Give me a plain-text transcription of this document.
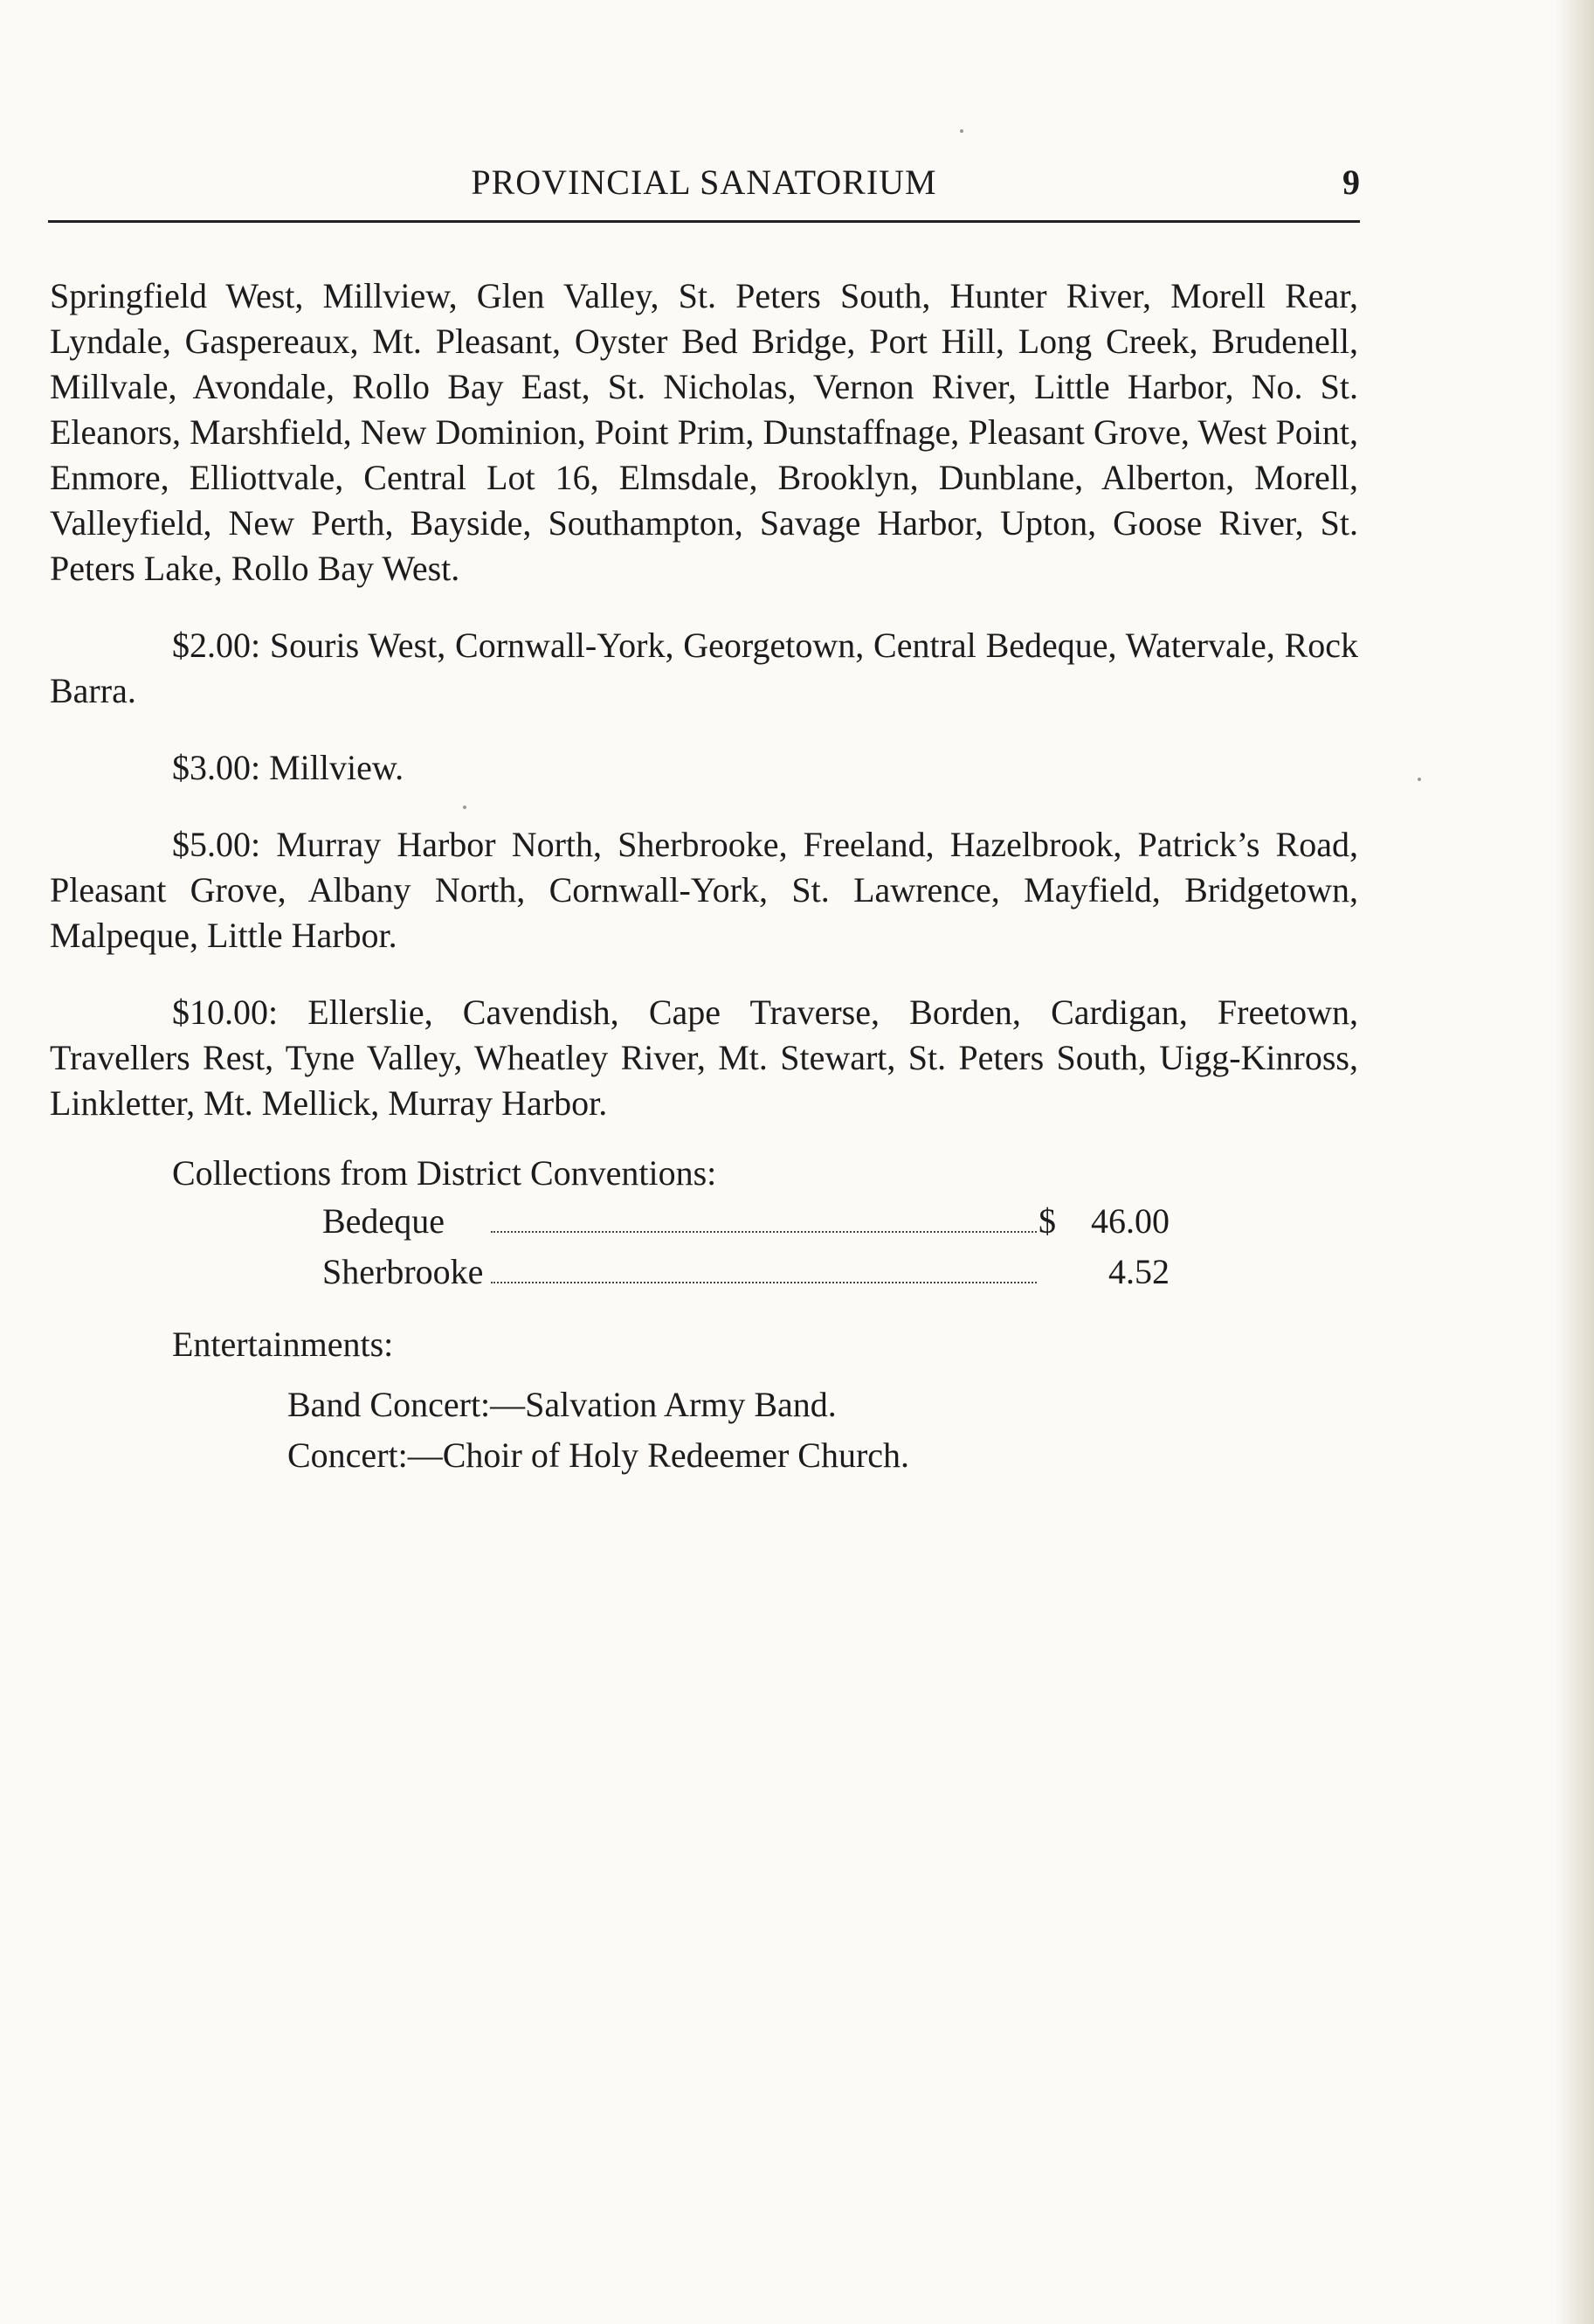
PROVINCIAL SANATORIUM	9

Springfield West, Millview, Glen Valley, St. Peters South, Hunter River, Morell Rear, Lyndale, Gaspereaux, Mt. Pleasant, Oyster Bed Bridge, Port Hill, Long Creek, Brudenell, Millvale, Avondale, Rollo Bay East, St. Nicholas, Vernon River, Little Harbor, No. St. Eleanors, Marshfield, New Dominion, Point Prim, Dunstaffnage, Pleasant Grove, West Point, Enmore, Elliottvale, Central Lot 16, Elmsdale, Brooklyn, Dunblane, Alberton, Morell, Valleyfield, New Perth, Bayside, Southampton, Savage Harbor, Upton, Goose River, St. Peters Lake, Rollo Bay West.

$2.00: Souris West, Cornwall-York, Georgetown, Central Bedeque, Watervale, Rock Barra.

$3.00: Millview.

$5.00: Murray Harbor North, Sherbrooke, Freeland, Hazelbrook, Patrick’s Road, Pleasant Grove, Albany North, Cornwall-York, St. Lawrence, Mayfield, Bridgetown, Malpeque, Little Harbor.

$10.00: Ellerslie, Cavendish, Cape Traverse, Borden, Cardigan, Freetown, Travellers Rest, Tyne Valley, Wheatley River, Mt. Stewart, St. Peters South, Uigg-Kinross, Linkletter, Mt. Mellick, Murray Harbor.

Collections from District Conventions:

Bedeque	$	46.00
Sherbrooke	4.52

Entertainments:

Band Concert:—Salvation Army Band.

Concert:—Choir of Holy Redeemer Church.
